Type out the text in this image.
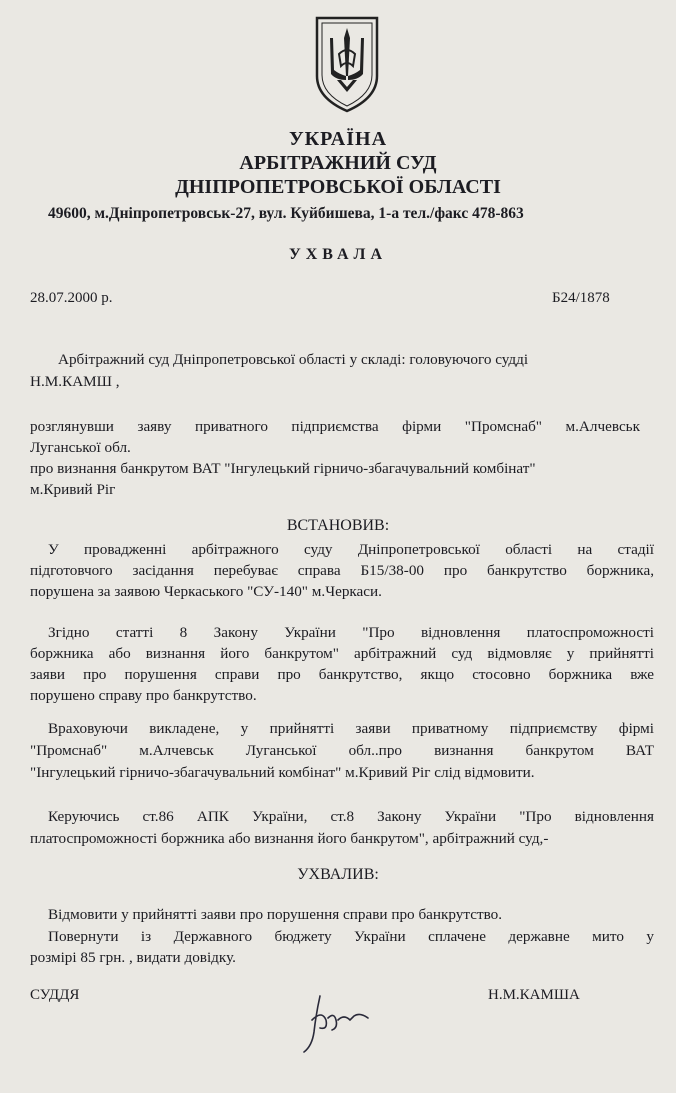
УКРАЇНА
АРБІТРАЖНИЙ СУД
ДНІПРОПЕТРОВСЬКОЇ ОБЛАСТІ
49600, м.Дніпропетровськ-27, вул. Куйбишева, 1-а тел./факс 478-863
УХВАЛА
28.07.2000 р.	Б24/1878
Арбітражний суд Дніпропетровської області у складі: головуючого судді
Н.М.КАМШ ,
розглянувши заяву приватного підприємства фірми "Промснаб" м.Алчевськ
Луганської обл.
про визнання банкрутом ВАТ "Інгулецький гірничо-збагачувальний комбінат"
м.Кривий Ріг
ВСТАНОВИВ:
У провадженні арбітражного суду Дніпропетровської області на стадії
підготовчого засідання перебуває справа Б15/38-00 про банкрутство боржника,
порушена за заявою Черкаського "СУ-140" м.Черкаси.
Згідно статті 8 Закону України "Про відновлення платоспроможності
боржника або визнання його банкрутом" арбітражний суд відмовляє у прийнятті
заяви про порушення справи про банкрутство, якщо стосовно боржника вже
порушено справу про банкрутство.
Враховуючи викладене, у прийнятті заяви приватному підприємству фірмі
"Промснаб" м.Алчевськ Луганської обл..про визнання банкрутом ВАТ
"Інгулецький гірничо-збагачувальний комбінат" м.Кривий Ріг слід відмовити.
Керуючись ст.86 АПК України, ст.8 Закону України "Про відновлення
платоспроможності боржника або визнання його банкрутом", арбітражний суд,-
УХВАЛИВ:
Відмовити у прийнятті заяви про порушення справи про банкрутство.
Повернути із Державного бюджету України сплачене державне мито у
розмірі 85 грн. , видати довідку.
СУДДЯ	Н.М.КАМША
